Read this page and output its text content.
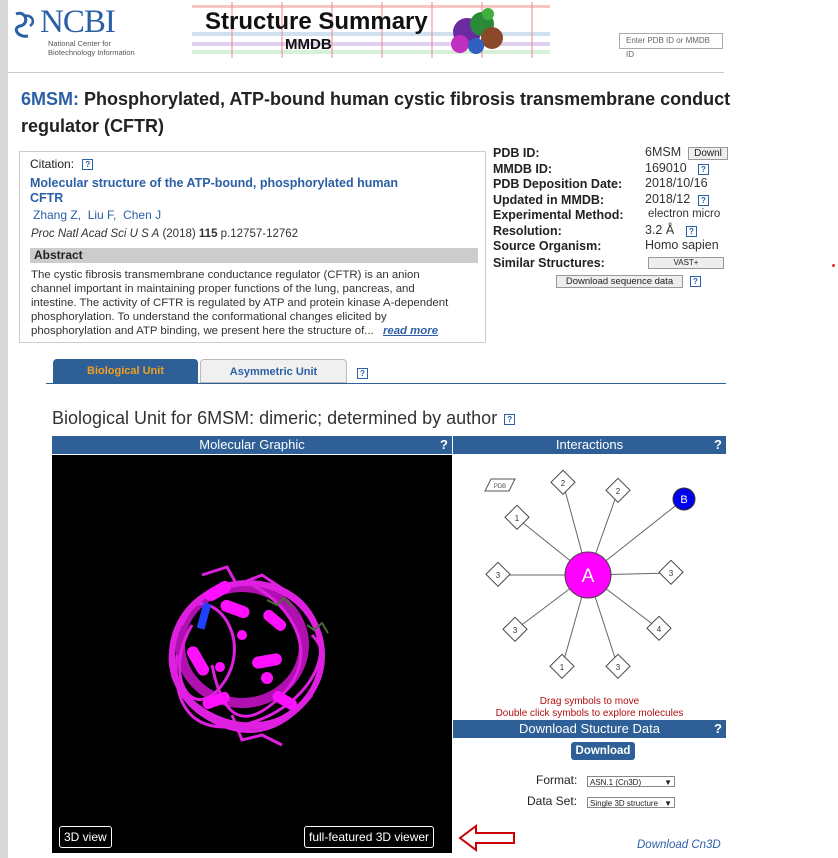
NCBI
National Center for
Biotechnology Information
Structure Summary
MMDB	Enter PDB ID or MMDB ID
6MSM: Phosphorylated, ATP-bound human cystic fibrosis transmembrane conduct
regulator (CFTR)
Citation: ?
Molecular structure of the ATP-bound, phosphorylated human
CFTR
Zhang Z, Liu F, Chen J
Proc Natl Acad Sci U S A (2018) 115 p.12757-12762
Abstract
The cystic fibrosis transmembrane conductance regulator (CFTR) is an anion
channel important in maintaining proper functions of the lung, pancreas, and
intestine. The activity of CFTR is regulated by ATP and protein kinase A-dependent
phosphorylation. To understand the conformational changes elicited by
phosphorylation and ATP binding, we present here the structure of... read more
PDB ID:	6MSM	Downl
MMDB ID:	169010	?
PDB Deposition Date: 2018/10/16
Updated in MMDB:	2018/12	?
Experimental Method: electron micro
Resolution:	3.2 Å	?
Source Organism:	Homo sapien
Similar Structures:	VAST+
Download sequence data	?
Biological Unit	Asymmetric Unit	?
Biological Unit for 6MSM: dimeric; determined by author ?
Molecular Graphic	?
3D view	full-featured 3D viewer
Interactions	?
PDB	2
2
1
3	3
3	4
1	3
A
B
Drag symbols to move
Double click symbols to explore molecules
Download Stucture Data	?
Download
Format:	ASN.1 (Cn3D)	▼
Data Set:	Single 3D structure ▼
Download Cn3D
